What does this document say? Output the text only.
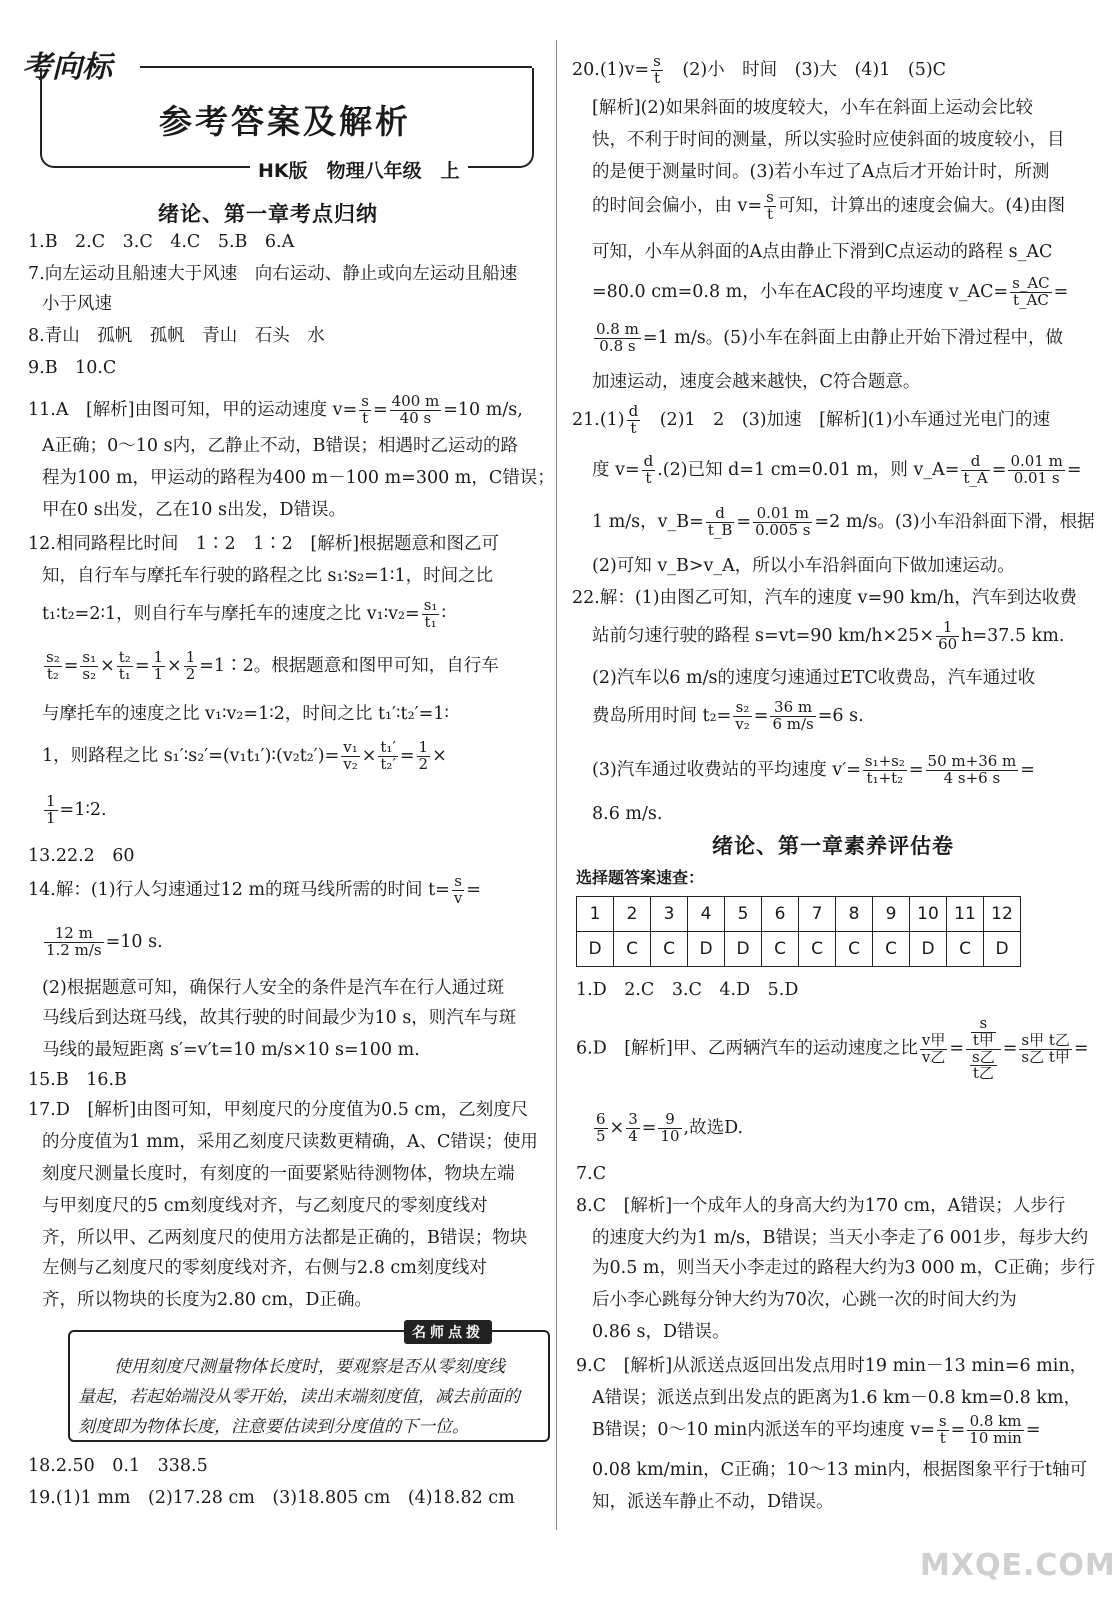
考向标
参考答案及解析
HK版　物理八年级　上
绪论、第一章考点归纳
1.B　2.C　3.C　4.C　5.B　6.A
7.向左运动且船速大于风速　向右运动、静止或向左运动且船速
小于风速
8.青山　孤帆　孤帆　青山　石头　水
9.B　10.C
11.A　[解析]由图可知，甲的运动速度 $v= \frac{s}{t} = \frac{400 m}{40 s} =10$ m/s,
A正确；0～10 s内，乙静止不动，B错误；相遇时乙运动的路
程为100 m，甲运动的路程为400 m－100 m=300 m，C错误；
甲在0 s出发，乙在10 s出发，D错误。
12.相同路程比时间　1∶2　1∶2　[解析]根据题意和图乙可
知，自行车与摩托车行驶的路程之比 s₁∶s₂=1∶1，时间之比
t₁∶t₂=2∶1，则自行车与摩托车的速度之比 v₁∶v₂= $\frac{\text{s₁}}{\text{t₁}}$ ∶
$\frac{\text{s₂}}{\text{t₂}} = \frac{\text{s₁}}{\text{s₂}} \times \frac{\text{t₂}}{\text{t₁}} = \frac{1}{1} \times \frac{1}{2}$ =1∶2。根据题意和图甲可知，自行车
与摩托车的速度之比 v₁∶v₂=1∶2，时间之比 t₁′∶t₂′=1∶
1，则路程之比 s₁′∶s₂′=(v₁t₁′)∶(v₂t₂′)= $\frac{\text{v₁}}{\text{v₂}} \times \frac{\text{t₁′}}{\text{t₂′}} = \frac{1}{2}$ ×
$\frac{1}{1}$ =1∶2.
13.22.2　60
14.解：(1)行人匀速通过12 m的斑马线所需的时间 $t= \frac{s}{v}$ =
$\frac{12 m}{1.2 m/s} =10$ s.
(2)根据题意可知，确保行人安全的条件是汽车在行人通过斑
马线后到达斑马线，故其行驶的时间最少为10 s，则汽车与斑
马线的最短距离 s′=v′t=10 m/s×10 s=100 m.
15.B　16.B
17.D　[解析]由图可知，甲刻度尺的分度值为0.5 cm，乙刻度尺
的分度值为1 mm，采用乙刻度尺读数更精确，A、C错误；使用
刻度尺测量长度时，有刻度的一面要紧贴待测物体，物块左端
与甲刻度尺的5 cm刻度线对齐，与乙刻度尺的零刻度线对
齐，所以甲、乙两刻度尺的使用方法都是正确的，B错误；物块
左侧与乙刻度尺的零刻度线对齐，右侧与2.8 cm刻度线对
齐，所以物块的长度为2.80 cm，D正确。
名师点拨
使用刻度尺测量物体长度时，要观察是否从零刻度线
量起，若起始端没从零开始，读出末端刻度值，减去前面的
刻度即为物体长度，注意要估读到分度值的下一位。
18.2.50　0.1　338.5
19.(1)1 mm　(2)17.28 cm　(3)18.805 cm　(4)18.82 cm
$20.(1)v= \frac{s}{t}$
　 (2)小　时间　(3)大　(4)1　(5)C
[解析](2)如果斜面的坡度较大，小车在斜面上运动会比较
快，不利于时间的测量，所以实验时应使斜面的坡度较小，目
的是便于测量时间。(3)若小车过了A点后才开始计时，所测
的时间会偏小，由 $v= \frac{s}{t}$ 可知，计算出的速度会偏大。(4)由图
可知，小车从斜面的A点由静止下滑到C点运动的路程 s_AC
=80.0 cm=0.8 m，小车在AC段的平均速度 v_AC= $\frac{s\_AC}{t\_AC}$ =
$\frac{0.8 m}{0.8 s} =1$ m/s。(5)小车在斜面上由静止开始下滑过程中，做
加速运动，速度会越来越快，C符合题意。
$21.(1) \frac{d}{t}$
　 (2)1　2　(3)加速　[解析](1)小车通过光电门的速
度 $v= \frac{d}{t} .(2)$已知 d=1 cm=0.01 m，则 v_A= $\frac{d}{t\_A} = \frac{0.01 m}{0.01 s}$ =
1 m/s，v_B= $\frac{d}{t\_B} = \frac{0.01 m}{0.005 s} =2$ m/s。(3)小车沿斜面下滑，根据
(2)可知 v_B>v_A，所以小车沿斜面向下做加速运动。
22.解：(1)由图乙可知，汽车的速度 v=90 km/h，汽车到达收费
站前匀速行驶的路程 s=vt=90 $km/h\times 25\times \frac{1}{60} h=37.5$ km.
(2)汽车以6 m/s的速度匀速通过ETC收费岛，汽车通过收
费岛所用时间 $t_2= \frac{\text{s₂}}{\text{v₂}} = \frac{36 m}{6 m/s} =6$ s.
(3)汽车通过收费站的平均速度 $v'= \frac{\text{s₁+s₂}}{\text{t₁+t₂}} = \frac{50 m+36 m}{4 s+6 s}$ =
8.6 m/s.
绪论、第一章素养评估卷
选择题答案速查：
1	2	3	4	5	6	7	8	9	10	11	12
D	C	C	D	D	C	C	C	C	D	C	D
1.D　2.C　3.C　4.D　5.D
6.D　[解析]甲、乙两辆汽车的运动速度之比 $\frac{\text{v甲}}{\text{v乙}} = \frac{\frac{s}{\text{t甲}}}{\frac{\text{s乙}}{\text{t乙}}} = \frac{\text{s甲 t乙}}{\text{s乙 t甲}}$ =
$\frac{6}{5} \times \frac{3}{4} = \frac{9}{10}$ ,故选D.
7.C
8.C　[解析]一个成年人的身高大约为170 cm，A错误；人步行
的速度大约为1 m/s，B错误；当天小李走了6 001步，每步大约
为0.5 m，则当天小李走过的路程大约为3 000 m，C正确；步行
后小李心跳每分钟大约为70次，心跳一次的时间大约为
0.86 s，D错误。
9.C　[解析]从派送点返回出发点用时19 min－13 min=6 min，
A错误；派送点到出发点的距离为1.6 km－0.8 km=0.8 km，
B错误；0～10 min内派送车的平均速度 $v= \frac{s}{t} = \frac{0.8 km}{10 \min}$ =
0.08 km/min，C正确；10～13 min内，根据图象平行于t轴可
知，派送车静止不动，D错误。
MXQE.COM
